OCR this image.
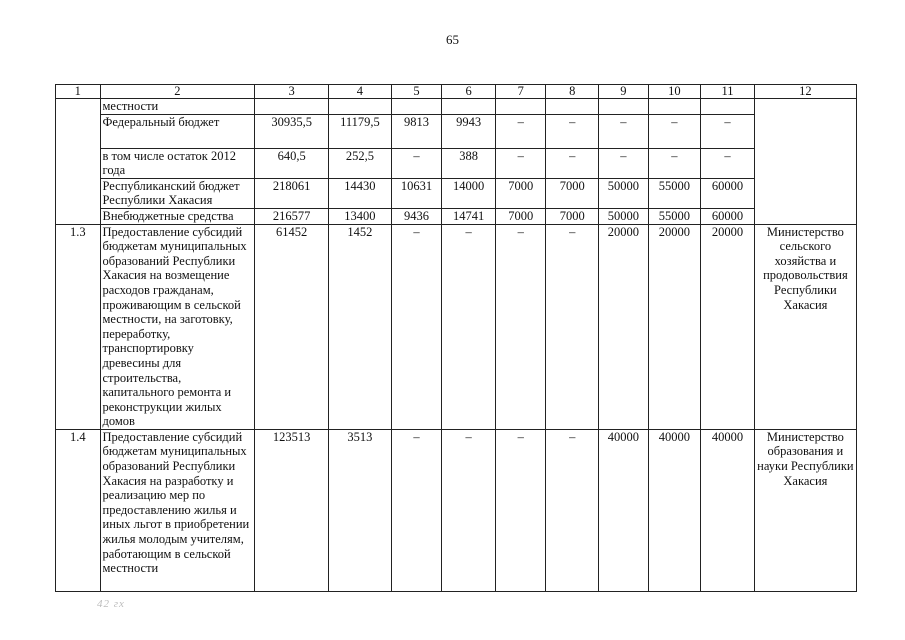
65
1	2	3	4	5	6	7	8	9	10	11	12
	местности										
	Федеральный бюджет	30935,5	11179,5	9813	9943	–	–	–	–	–	
	в том числе остаток 2012 года	640,5	252,5	–	388	–	–	–	–	–	
	Республиканский бюджет Республики Хакасия	218061	14430	10631	14000	7000	7000	50000	55000	60000	
	Внебюджетные средства	216577	13400	9436	14741	7000	7000	50000	55000	60000	
1.3	Предоставление субсидий бюджетам муниципальных образований Республики Хакасия на возмещение расходов гражданам, проживающим в сельской местности, на заготовку, переработку, транспортировку древесины для строительства, капитального ремонта и реконструкции жилых домов	61452	1452	–	–	–	–	20000	20000	20000	Министерство сельского хозяйства и продовольствия Республики Хакасия
1.4	Предоставление субсидий бюджетам муниципальных образований Республики Хакасия на разработку и реализацию мер по предоставлению жилья и иных льгот в приобретении жилья молодым учителям, работающим в сельской местности	123513	3513	–	–	–	–	40000	40000	40000	Министерство образования и науки Республики Хакасия
42 гх
